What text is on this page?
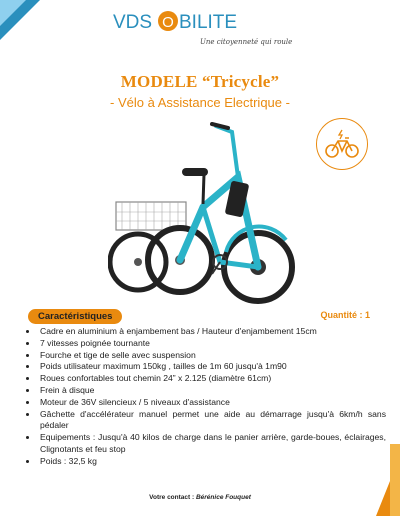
VDS O BILITE
Une citoyenneté qui roule
MODELE “Tricycle”
- Vélo à Assistance Electrique -
Caractéristiques	Quantité : 1
• Cadre en aluminium à enjambement bas / Hauteur d'enjambement 15cm
• 7 vitesses poignée tournante
• Fourche et tige de selle avec suspension
• Poids utilisateur maximum 150kg , tailles de 1m 60 jusqu'à 1m90
• Roues confortables tout chemin 24” x 2.125 (diamètre 61cm)
• Frein à disque
• Moteur de 36V silencieux / 5 niveaux d'assistance
• Gâchette d'accélérateur manuel permet une aide au démarrage jusqu'à 6km/h sans pédaler
• Equipements : Jusqu'à 40 kilos de charge dans le panier arrière, garde-boues, éclairages, Clignotants et feu stop
• Poids : 32,5 kg
Votre contact : Bérénice Fouquet
